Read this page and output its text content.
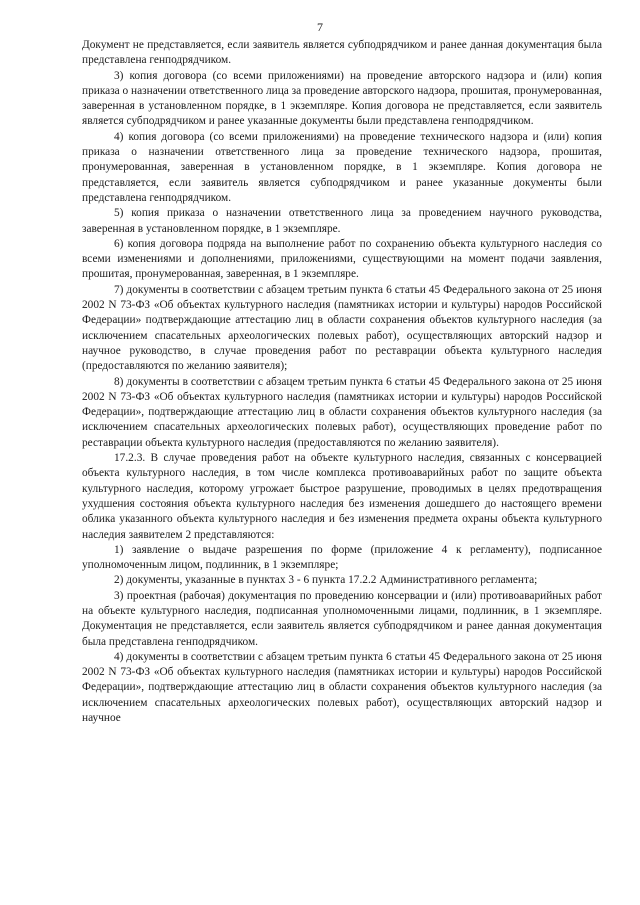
7

Документ не представляется, если заявитель является субподрядчиком и ранее данная документация была представлена генподрядчиком.

3) копия договора (со всеми приложениями) на проведение авторского надзора и (или) копия приказа о назначении ответственного лица за проведение авторского надзора, прошитая, пронумерованная, заверенная в установленном порядке, в 1 экземпляре. Копия договора не представляется, если заявитель является субподрядчиком и ранее указанные документы были представлена генподрядчиком.

4) копия договора (со всеми приложениями) на проведение технического надзора и (или) копия приказа о назначении ответственного лица за проведение технического надзора, прошитая, пронумерованная, заверенная в установленном порядке, в 1 экземпляре. Копия договора не представляется, если заявитель является субподрядчиком и ранее указанные документы были представлена генподрядчиком.

5) копия приказа о назначении ответственного лица за проведением научного руководства, заверенная в установленном порядке, в 1 экземпляре.

6) копия договора подряда на выполнение работ по сохранению объекта культурного наследия со всеми изменениями и дополнениями, приложениями, существующими на момент подачи заявления, прошитая, пронумерованная, заверенная, в 1 экземпляре.

7) документы в соответствии с абзацем третьим пункта 6 статьи 45 Федерального закона от 25 июня 2002 N 73-ФЗ «Об объектах культурного наследия (памятниках истории и культуры) народов Российской Федерации» подтверждающие аттестацию лиц в области сохранения объектов культурного наследия (за исключением спасательных археологических полевых работ), осуществляющих авторский надзор и научное руководство, в случае проведения работ по реставрации объекта культурного наследия (предоставляются по желанию заявителя);

8) документы в соответствии с абзацем третьим пункта 6 статьи 45 Федерального закона от 25 июня 2002 N 73-ФЗ «Об объектах культурного наследия (памятниках истории и культуры) народов Российской Федерации», подтверждающие аттестацию лиц в области сохранения объектов культурного наследия (за исключением спасательных археологических полевых работ), осуществляющих проведение работ по реставрации объекта культурного наследия (предоставляются по желанию заявителя).

17.2.3. В случае проведения работ на объекте культурного наследия, связанных с консервацией объекта культурного наследия, в том числе комплекса противоаварийных работ по защите объекта культурного наследия, которому угрожает быстрое разрушение, проводимых в целях предотвращения ухудшения состояния объекта культурного наследия без изменения дошедшего до настоящего времени облика указанного объекта культурного наследия и без изменения предмета охраны объекта культурного наследия заявителем 2 представляются:

1) заявление о выдаче разрешения по форме (приложение 4 к регламенту), подписанное уполномоченным лицом, подлинник, в 1 экземпляре;

2) документы, указанные в пунктах 3 - 6 пункта 17.2.2 Административного регламента;

3) проектная (рабочая) документация по проведению консервации и (или) противоаварийных работ на объекте культурного наследия, подписанная уполномоченными лицами, подлинник, в 1 экземпляре. Документация не представляется, если заявитель является субподрядчиком и ранее данная документация была представлена генподрядчиком.

4) документы в соответствии с абзацем третьим пункта 6 статьи 45 Федерального закона от 25 июня 2002 N 73-ФЗ «Об объектах культурного наследия (памятниках истории и культуры) народов Российской Федерации», подтверждающие аттестацию лиц в области сохранения объектов культурного наследия (за исключением спасательных археологических полевых работ), осуществляющих авторский надзор и научное
